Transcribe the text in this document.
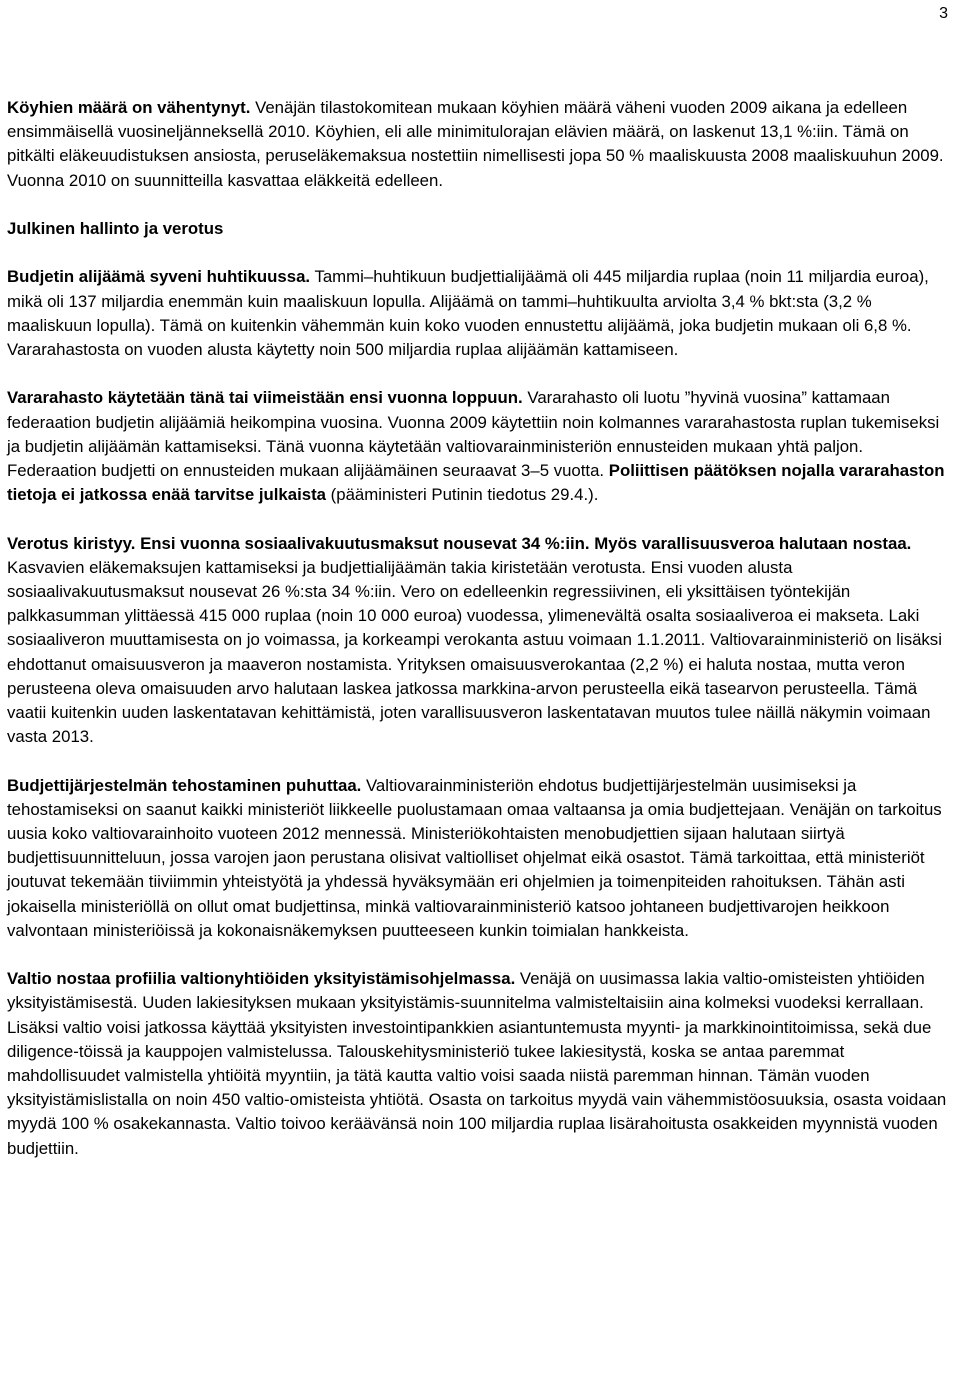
3

Köyhien määrä on vähentynyt. Venäjän tilastokomitean mukaan köyhien määrä väheni vuoden 2009 aikana ja edelleen ensimmäisellä vuosineljänneksellä 2010. Köyhien, eli alle minimitulorajan elävien määrä, on laskenut 13,1 %:iin. Tämä on pitkälti eläkeuudistuksen ansiosta, peruseläkemaksua nostettiin nimellisesti jopa 50 % maaliskuusta 2008 maaliskuuhun 2009. Vuonna 2010 on suunnitteilla kasvattaa eläkkeitä edelleen.

Julkinen hallinto ja verotus

Budjetin alijäämä syveni huhtikuussa. Tammi–huhtikuun budjettialijäämä oli 445 miljardia ruplaa (noin 11 miljardia euroa), mikä oli 137 miljardia enemmän kuin maaliskuun lopulla. Alijäämä on tammi–huhtikuulta arviolta 3,4 % bkt:sta (3,2 % maaliskuun lopulla). Tämä on kuitenkin vähemmän kuin koko vuoden ennustettu alijäämä, joka budjetin mukaan oli 6,8 %. Vararahastosta on vuoden alusta käytetty noin 500 miljardia ruplaa alijäämän kattamiseen.

Vararahasto käytetään tänä tai viimeistään ensi vuonna loppuun. Vararahasto oli luotu ”hyvinä vuosina” kattamaan federaation budjetin alijäämiä heikompina vuosina. Vuonna 2009 käytettiin noin kolmannes vararahastosta ruplan tukemiseksi ja budjetin alijäämän kattamiseksi. Tänä vuonna käytetään valtiovarainministeriön ennusteiden mukaan yhtä paljon. Federaation budjetti on ennusteiden mukaan alijäämäinen seuraavat 3–5 vuotta. Poliittisen päätöksen nojalla vararahaston tietoja ei jatkossa enää tarvitse julkaista (pääministeri Putinin tiedotus 29.4.).

Verotus kiristyy. Ensi vuonna sosiaalivakuutusmaksut nousevat 34 %:iin. Myös varallisuusveroa halutaan nostaa. Kasvavien eläkemaksujen kattamiseksi ja budjettialijäämän takia kiristetään verotusta. Ensi vuoden alusta sosiaalivakuutusmaksut nousevat 26 %:sta 34 %:iin. Vero on edelleenkin regressiivinen, eli yksittäisen työntekijän palkkasumman ylittäessä 415 000 ruplaa (noin 10 000 euroa) vuodessa, ylimenevältä osalta sosiaaliveroa ei makseta. Laki sosiaaliveron muuttamisesta on jo voimassa, ja korkeampi verokanta astuu voimaan 1.1.2011. Valtiovarainministeriö on lisäksi ehdottanut omaisuusveron ja maaveron nostamista. Yrityksen omaisuusverokantaa (2,2 %) ei haluta nostaa, mutta veron perusteena oleva omaisuuden arvo halutaan laskea jatkossa markkina-arvon perusteella eikä tasearvon perusteella. Tämä vaatii kuitenkin uuden laskentatavan kehittämistä, joten varallisuusveron laskentatavan muutos tulee näillä näkymin voimaan vasta 2013.

Budjettijärjestelmän tehostaminen puhuttaa. Valtiovarainministeriön ehdotus budjettijärjestelmän uusimiseksi ja tehostamiseksi on saanut kaikki ministeriöt liikkeelle puolustamaan omaa valtaansa ja omia budjettejaan. Venäjän on tarkoitus uusia koko valtiovarainhoito vuoteen 2012 mennessä. Ministeriökohtaisten menobudjettien sijaan halutaan siirtyä budjettisuunnitteluun, jossa varojen jaon perustana olisivat valtiolliset ohjelmat eikä osastot. Tämä tarkoittaa, että ministeriöt joutuvat tekemään tiiviimmin yhteistyötä ja yhdessä hyväksymään eri ohjelmien ja toimenpiteiden rahoituksen. Tähän asti jokaisella ministeriöllä on ollut omat budjettinsa, minkä valtiovarainministeriö katsoo johtaneen budjettivarojen heikkoon valvontaan ministeriöissä ja kokonaisnäkemyksen puutteeseen kunkin toimialan hankkeista.

Valtio nostaa profiilia valtionyhtiöiden yksityistämisohjelmassa. Venäjä on uusimassa lakia valtio-omisteisten yhtiöiden yksityistämisestä. Uuden lakiesityksen mukaan yksityistämis-suunnitelma valmisteltaisiin aina kolmeksi vuodeksi kerrallaan. Lisäksi valtio voisi jatkossa käyttää yksityisten investointipankkien asiantuntemusta myynti- ja markkinointitoimissa, sekä due diligence-töissä ja kauppojen valmistelussa. Talouskehitysministeriö tukee lakiesitystä, koska se antaa paremmat mahdollisuudet valmistella yhtiöitä myyntiin, ja tätä kautta valtio voisi saada niistä paremman hinnan. Tämän vuoden yksityistämislistalla on noin 450 valtio-omisteista yhtiötä. Osasta on tarkoitus myydä vain vähemmistöosuuksia, osasta voidaan myydä 100 % osakekannasta. Valtio toivoo keräävänsä noin 100 miljardia ruplaa lisärahoitusta osakkeiden myynnistä vuoden budjettiin.
